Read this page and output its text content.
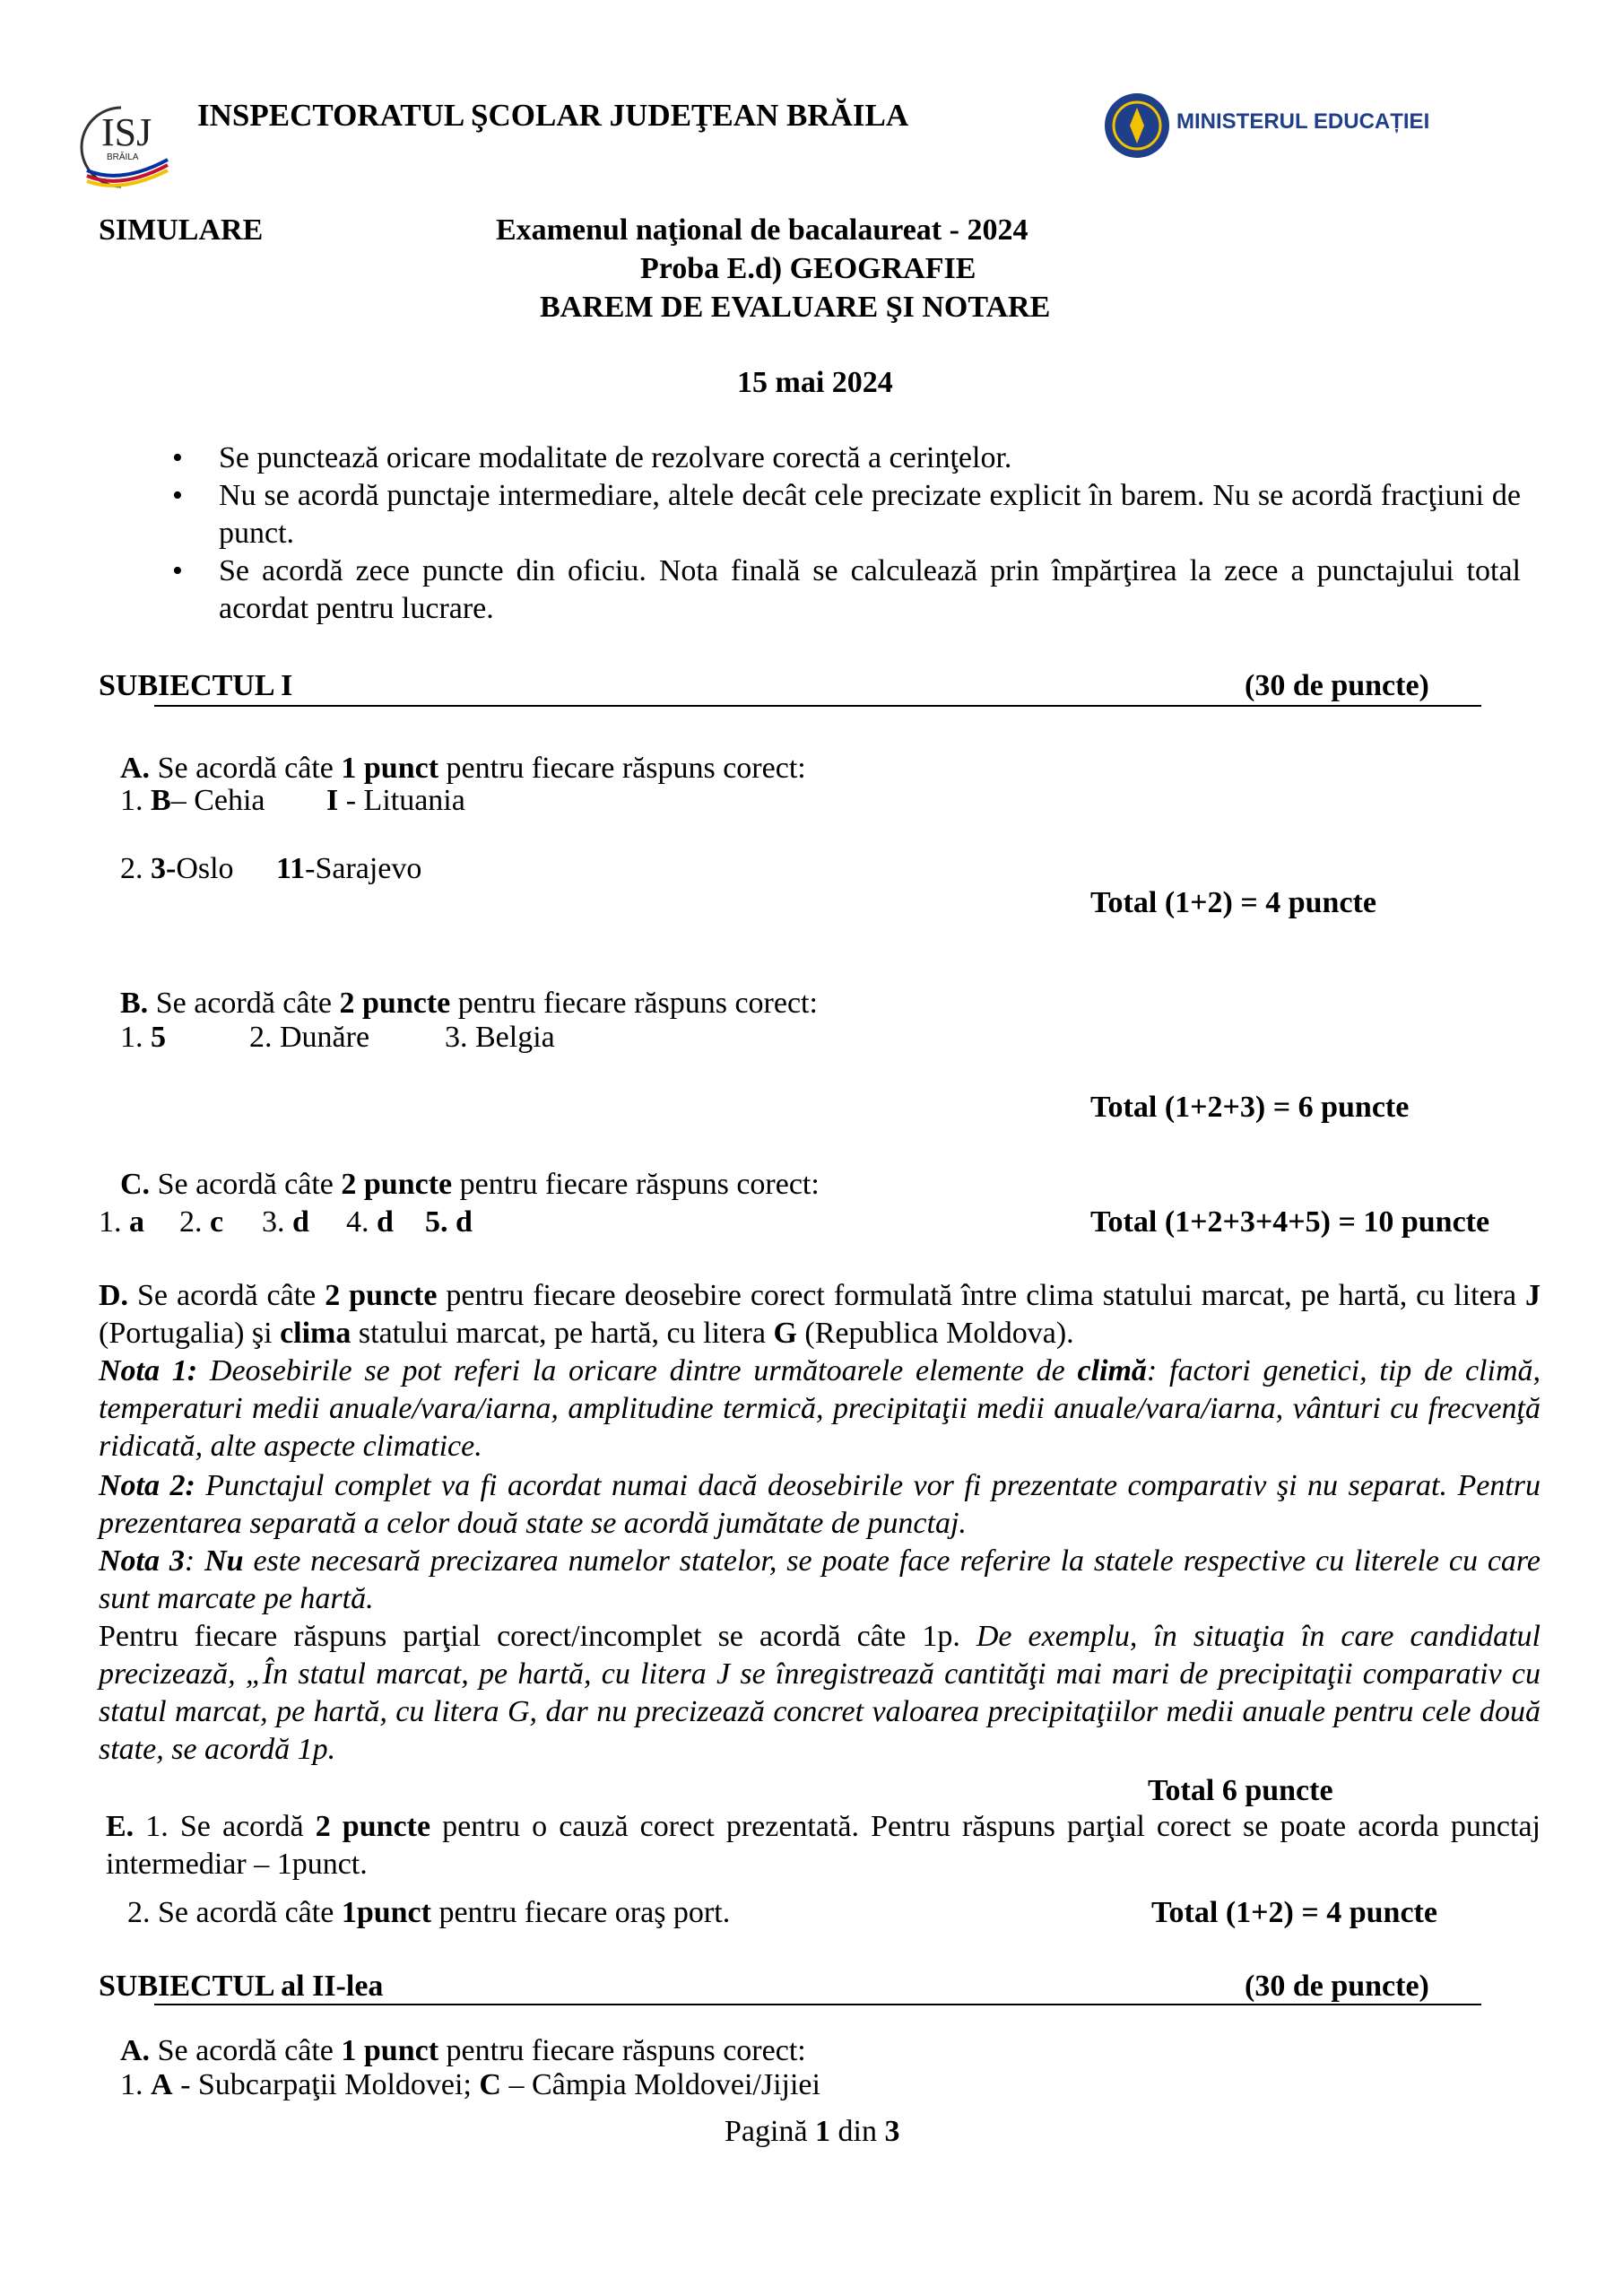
ISJ
BRĂILA
INSPECTORATUL ŞCOLAR JUDEŢEAN BRĂILA	MINISTERUL EDUCAȚIEI
SIMULARE	Examenul naţional de bacalaureat - 2024
Proba E.d) GEOGRAFIE
BAREM DE EVALUARE ŞI NOTARE
15 mai 2024
• Se punctează oricare modalitate de rezolvare corectă a cerinţelor.
• Nu se acordă punctaje intermediare, altele decât cele precizate explicit în barem. Nu se acordă fracţiuni de punct.
• Se acordă zece puncte din oficiu. Nota finală se calculează prin împărţirea la zece a punctajului total acordat pentru lucrare.
SUBIECTUL I	(30 de puncte)
A. Se acordă câte 1 punct pentru fiecare răspuns corect:
1. B– Cehia I - Lituania
2. 3-Oslo 11-Sarajevo
Total (1+2) = 4 puncte
B. Se acordă câte 2 puncte pentru fiecare răspuns corect:
1. 5	2. Dunăre 3. Belgia
Total (1+2+3) = 6 puncte
C. Se acordă câte 2 puncte pentru fiecare răspuns corect:
1. a 2. c 3. d 4. d 5. d	Total (1+2+3+4+5) = 10 puncte
D. Se acordă câte 2 puncte pentru fiecare deosebire corect formulată între clima statului marcat, pe hartă, cu litera J (Portugalia) şi clima statului marcat, pe hartă, cu litera G (Republica Moldova).
Nota 1: Deosebirile se pot referi la oricare dintre următoarele elemente de climă: factori genetici, tip de climă, temperaturi medii anuale/vara/iarna, amplitudine termică, precipitaţii medii anuale/vara/iarna, vânturi cu frecvenţă ridicată, alte aspecte climatice.
Nota 2: Punctajul complet va fi acordat numai dacă deosebirile vor fi prezentate comparativ şi nu separat. Pentru prezentarea separată a celor două state se acordă jumătate de punctaj.
Nota 3: Nu este necesară precizarea numelor statelor, se poate face referire la statele respective cu literele cu care sunt marcate pe hartă.
Pentru fiecare răspuns parţial corect/incomplet se acordă câte 1p. De exemplu, în situaţia în care candidatul precizează, „În statul marcat, pe hartă, cu litera J se înregistrează cantităţi mai mari de precipitaţii comparativ cu statul marcat, pe hartă, cu litera G, dar nu precizează concret valoarea precipitaţiilor medii anuale pentru cele două state, se acordă 1p.
Total 6 puncte
E. 1. Se acordă 2 puncte pentru o cauză corect prezentată. Pentru răspuns parţial corect se poate acorda punctaj intermediar – 1punct.
2. Se acordă câte 1punct pentru fiecare oraş port.	Total (1+2) = 4 puncte
SUBIECTUL al II-lea	(30 de puncte)
A. Se acordă câte 1 punct pentru fiecare răspuns corect:
1. A - Subcarpaţii Moldovei; C – Câmpia Moldovei/Jijiei
Pagină 1 din 3
